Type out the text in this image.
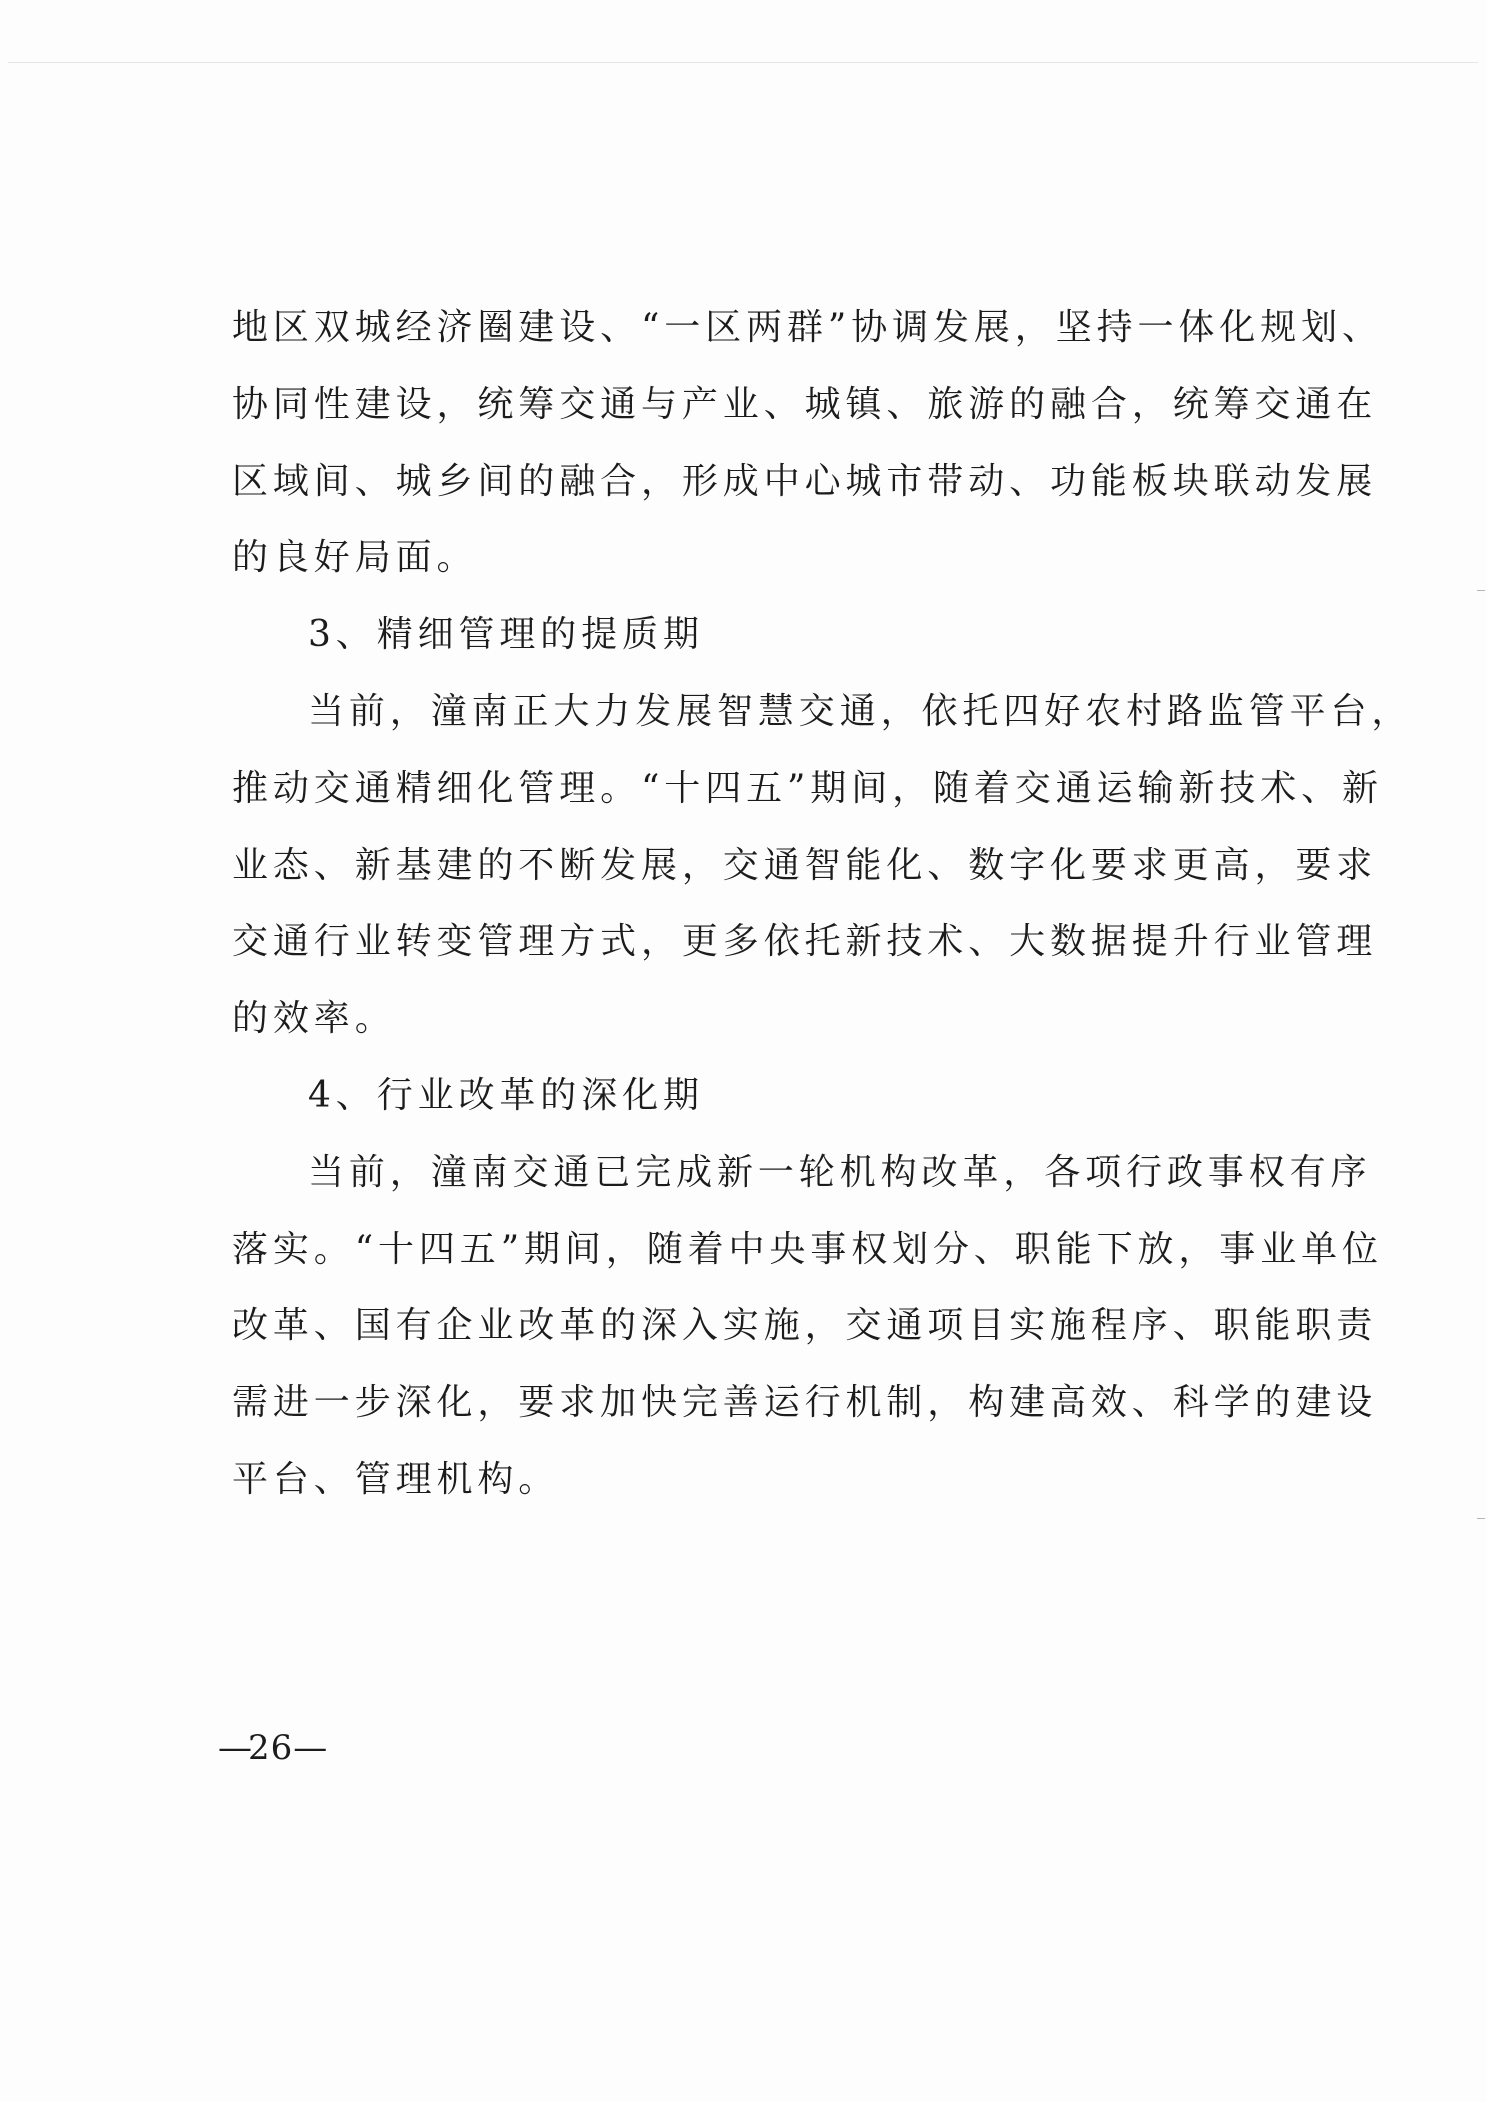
地区双城经济圈建设、“一区两群”协调发展，坚持一体化规划、

协同性建设，统筹交通与产业、城镇、旅游的融合，统筹交通在

区域间、城乡间的融合，形成中心城市带动、功能板块联动发展

的良好局面。

3、精细管理的提质期

当前，潼南正大力发展智慧交通，依托四好农村路监管平台，

推动交通精细化管理。“十四五”期间，随着交通运输新技术、新

业态、新基建的不断发展，交通智能化、数字化要求更高，要求

交通行业转变管理方式，更多依托新技术、大数据提升行业管理

的效率。

4、行业改革的深化期

当前，潼南交通已完成新一轮机构改革，各项行政事权有序

落实。“十四五”期间，随着中央事权划分、职能下放，事业单位

改革、国有企业改革的深入实施，交通项目实施程序、职能职责

需进一步深化，要求加快完善运行机制，构建高效、科学的建设

平台、管理机构。

—26—
